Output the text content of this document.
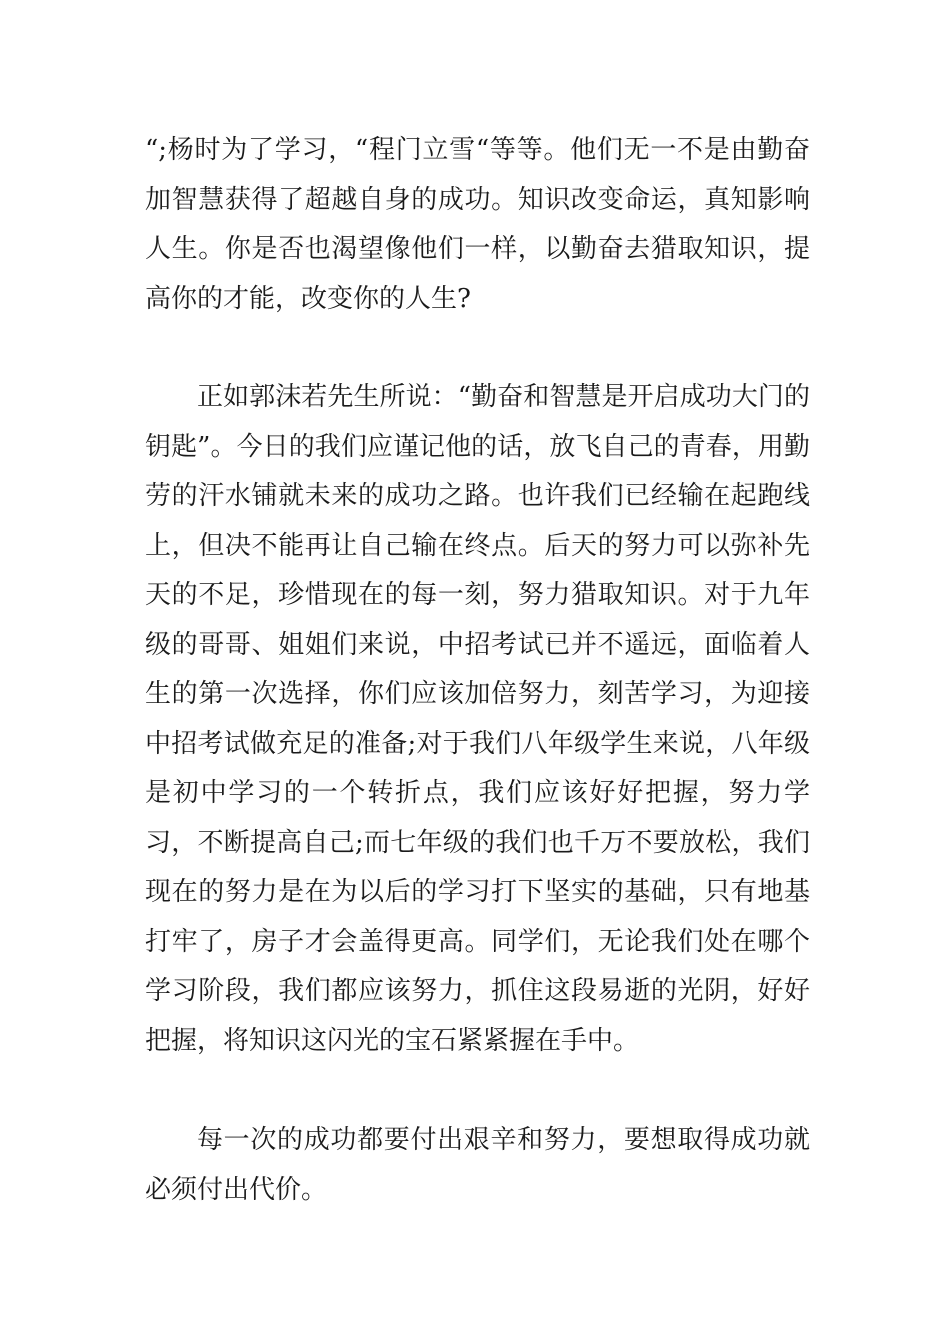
“;杨时为了学习，“程门立雪“等等。他们无一不是由勤奋加智慧获得了超越自身的成功。知识改变命运，真知影响人生。你是否也渴望像他们一样，以勤奋去猎取知识，提高你的才能，改变你的人生?

正如郭沫若先生所说：“勤奋和智慧是开启成功大门的钥匙”。今日的我们应谨记他的话，放飞自己的青春，用勤劳的汗水铺就未来的成功之路。也许我们已经输在起跑线上，但决不能再让自己输在终点。后天的努力可以弥补先天的不足，珍惜现在的每一刻，努力猎取知识。对于九年级的哥哥、姐姐们来说，中招考试已并不遥远，面临着人生的第一次选择，你们应该加倍努力，刻苦学习，为迎接中招考试做充足的准备;对于我们八年级学生来说，八年级是初中学习的一个转折点，我们应该好好把握，努力学习，不断提高自己;而七年级的我们也千万不要放松，我们现在的努力是在为以后的学习打下坚实的基础，只有地基打牢了，房子才会盖得更高。同学们，无论我们处在哪个学习阶段，我们都应该努力，抓住这段易逝的光阴，好好把握，将知识这闪光的宝石紧紧握在手中。

每一次的成功都要付出艰辛和努力，要想取得成功就必须付出代价。
